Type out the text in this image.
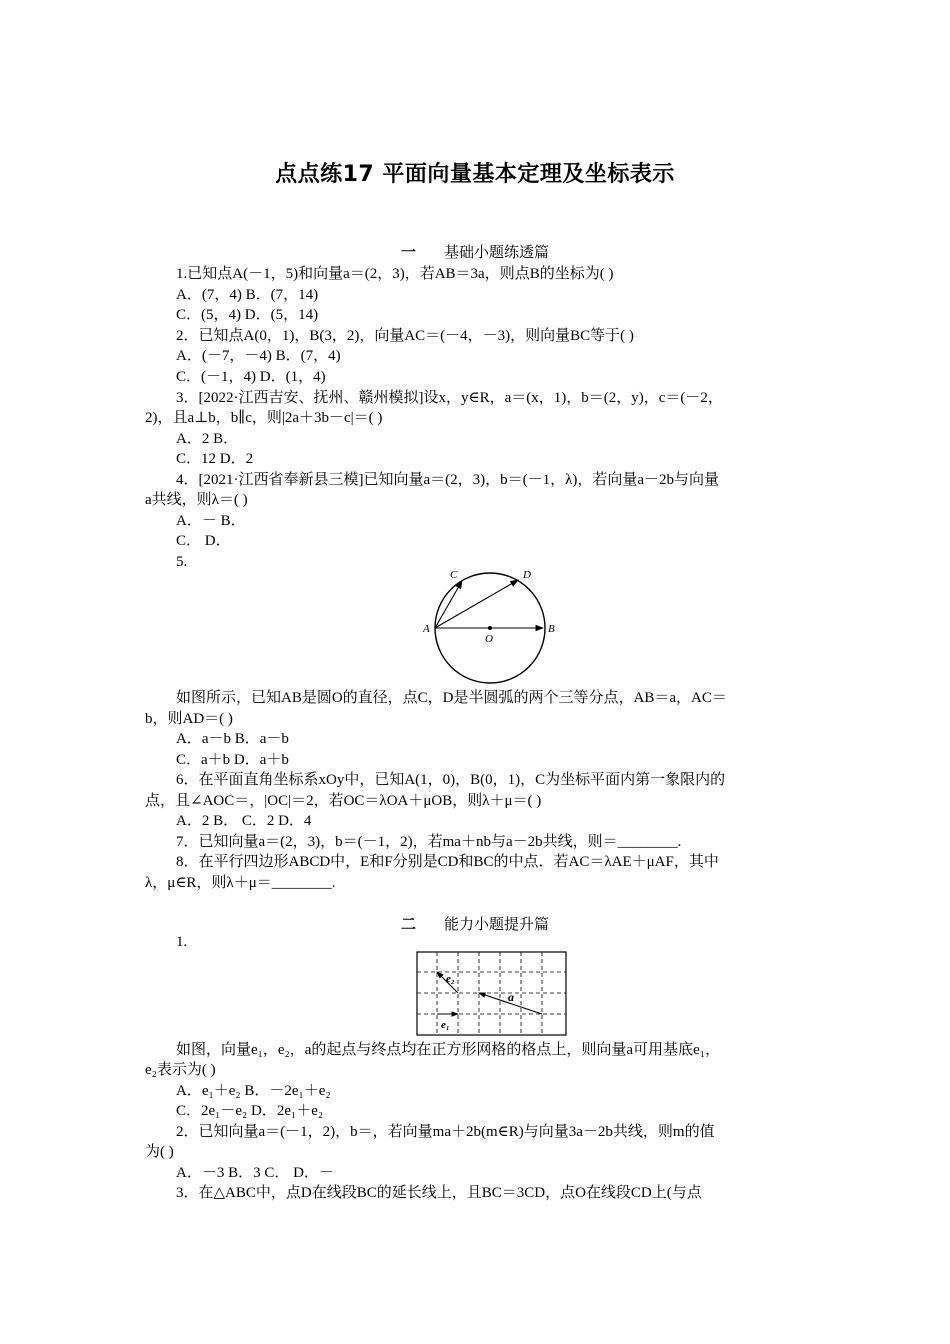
点点练17 平面向量基本定理及坐标表示
一 基础小题练透篇
1.已知点A(－1，5)和向量a＝(2，3)，若AB＝3a，则点B的坐标为( )
A．(7，4) B．(7，14)
C．(5，4) D．(5，14)
2．已知点A(0，1)，B(3，2)，向量AC＝(－4，－3)，则向量BC等于( )
A．(－7，－4) B．(7，4)
C．(－1，4) D．(1，4)
3．[2022·江西吉安、抚州、赣州模拟]设x，y∈R，a＝(x，1)，b＝(2，y)，c＝(－2，
2)，且a⊥b，b∥c，则|2a＋3b－c|＝( )
A．2 B．
C．12 D．2
4．[2021·江西省奉新县三模]已知向量a＝(2，3)，b＝(－1，λ)，若向量a－2b与向量
a共线，则λ＝( )
A．－ B．
C． D．
5.
A	B
C	D
O
如图所示，已知AB是圆O的直径，点C，D是半圆弧的两个三等分点，AB＝a，AC＝
b，则AD＝( )
A．a－b B．a－b
C．a＋b D．a＋b
6．在平面直角坐标系xOy中，已知A(1，0)，B(0，1)，C为坐标平面内第一象限内的
点，且∠AOC＝，|OC|＝2，若OC＝λOA＋μOB，则λ＋μ＝( )
A．2 B． C．2 D．4
7．已知向量a＝(2，3)，b＝(－1，2)，若ma＋nb与a－2b共线，则＝________.
8．在平行四边形ABCD中，E和F分别是CD和BC的中点．若AC＝λAE＋μAF，其中
λ，μ∈R，则λ＋μ＝________.
二 能力小题提升篇
1.
e₁
e₂
a
如图，向量e₁，e₂，a的起点与终点均在正方形网格的格点上，则向量a可用基底e₁，
e₂表示为( )
A．e₁＋e₂ B．－2e₁＋e₂
C．2e₁－e₂ D．2e₁＋e₂
2．已知向量a＝(－1，2)，b＝，若向量ma＋2b(m∈R)与向量3a－2b共线，则m的值
为( )
A．－3 B．3 C． D．－
3．在△ABC中，点D在线段BC的延长线上，且BC＝3CD，点O在线段CD上(与点
